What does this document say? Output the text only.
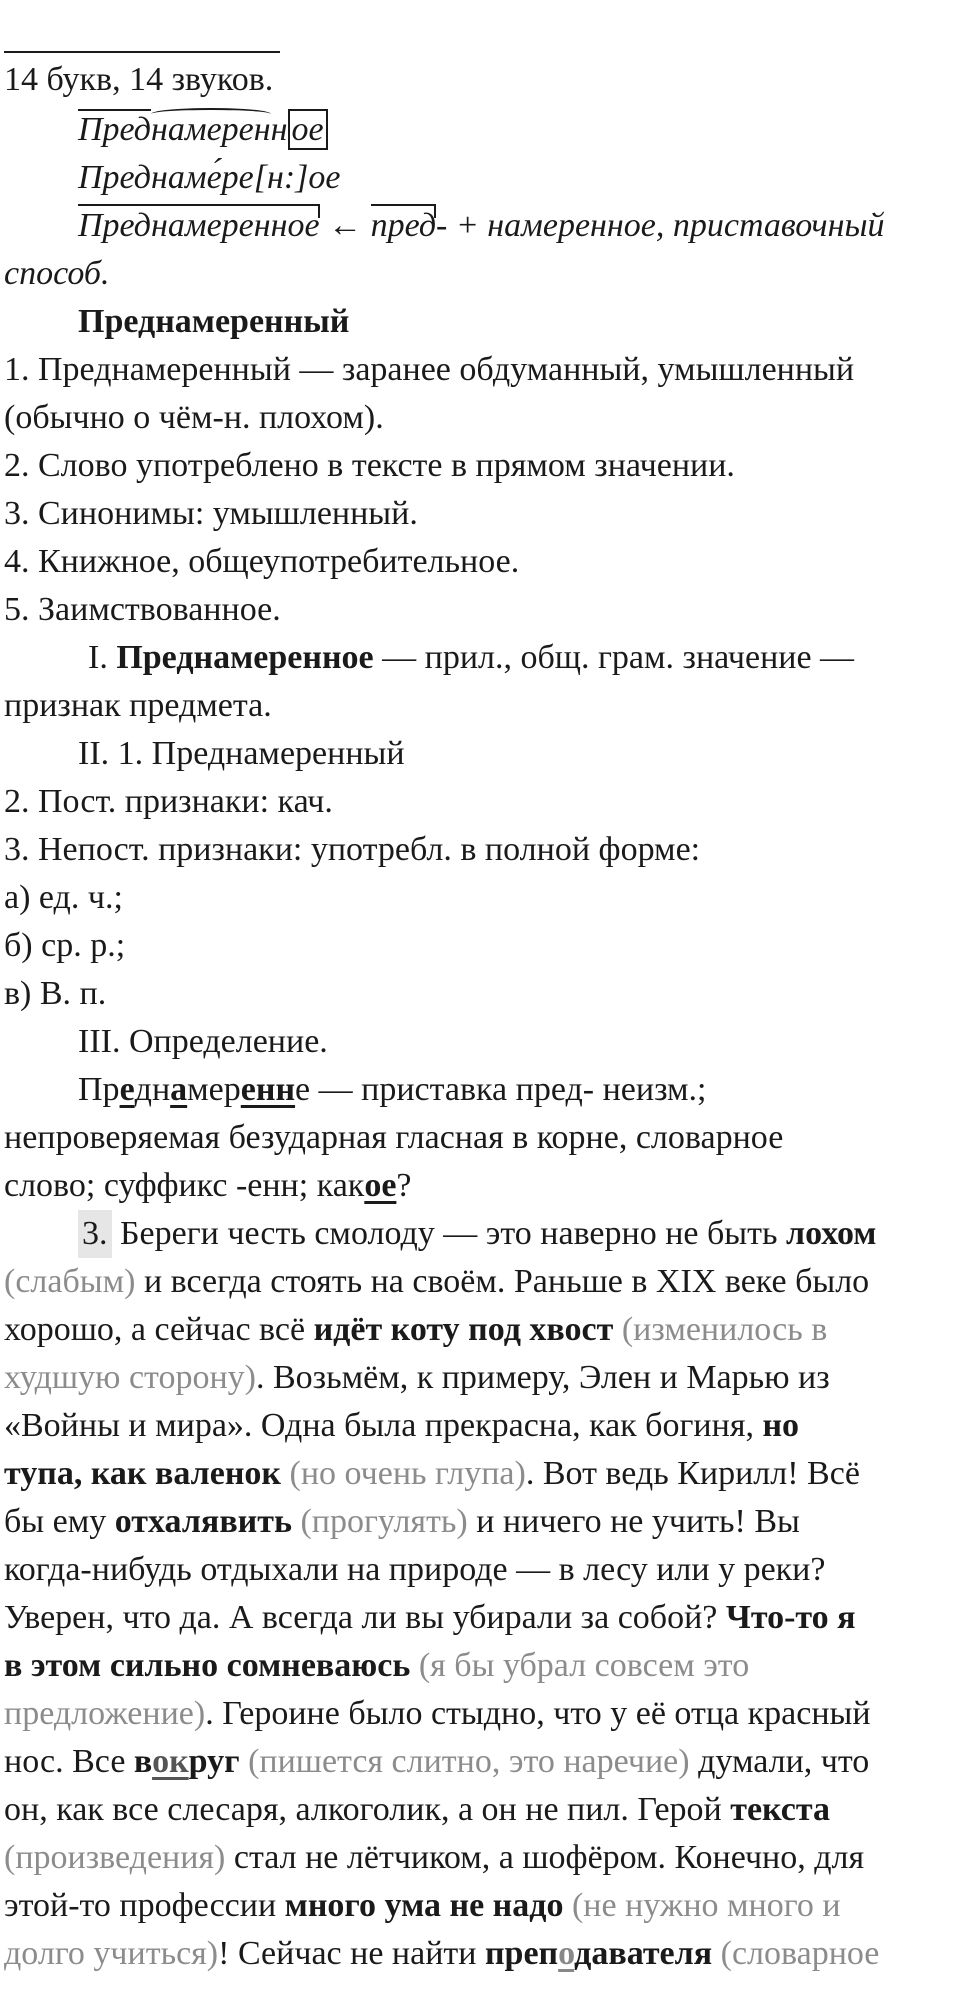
14 букв, 14 звуков.
Преднамеренн ое
Преднаме́ре[н:]ое
Преднамеренное ← пред- + намеренное, приставочный
способ.
Преднамеренный
1. Преднамеренный — заранее обдуманный, умышленный
(обычно о чём-н. плохом).
2. Слово употреблено в тексте в прямом значении.
3. Синонимы: умышленный.
4. Книжное, общеупотребительное.
5. Заимствованное.
I. Преднамеренное — прил., общ. грам. значение —
признак предмета.
II. 1. Преднамеренный
2. Пост. признаки: кач.
3. Непост. признаки: употребл. в полной форме:
а) ед. ч.;
б) ср. р.;
в) В. п.
III. Определение.
Преднамеренне — приставка пред- неизм.;
непроверяемая безударная гласная в корне, словарное
слово; суффикс -енн; какое?
3. Береги честь смолоду — это наверно не быть лохом
(слабым) и всегда стоять на своём. Раньше в XIX веке было
хорошо, а сейчас всё идёт коту под хвост (изменилось в
худшую сторону). Возьмём, к примеру, Элен и Марью из
«Войны и мира». Одна была прекрасна, как богиня, но
тупа, как валенок (но очень глупа). Вот ведь Кирилл! Всё
бы ему отхалявить (прогулять) и ничего не учить! Вы
когда-нибудь отдыхали на природе — в лесу или у реки?
Уверен, что да. А всегда ли вы убирали за собой? Что-то я
в этом сильно сомневаюсь (я бы убрал совсем это
предложение). Героине было стыдно, что у её отца красный
нос. Все вокруг (пишется слитно, это наречие) думали, что
он, как все слесаря, алкоголик, а он не пил. Герой текста
(произведения) стал не лётчиком, а шофёром. Конечно, для
этой-то профессии много ума не надо (не нужно много и
долго учиться)! Сейчас не найти преподавателя (словарное
